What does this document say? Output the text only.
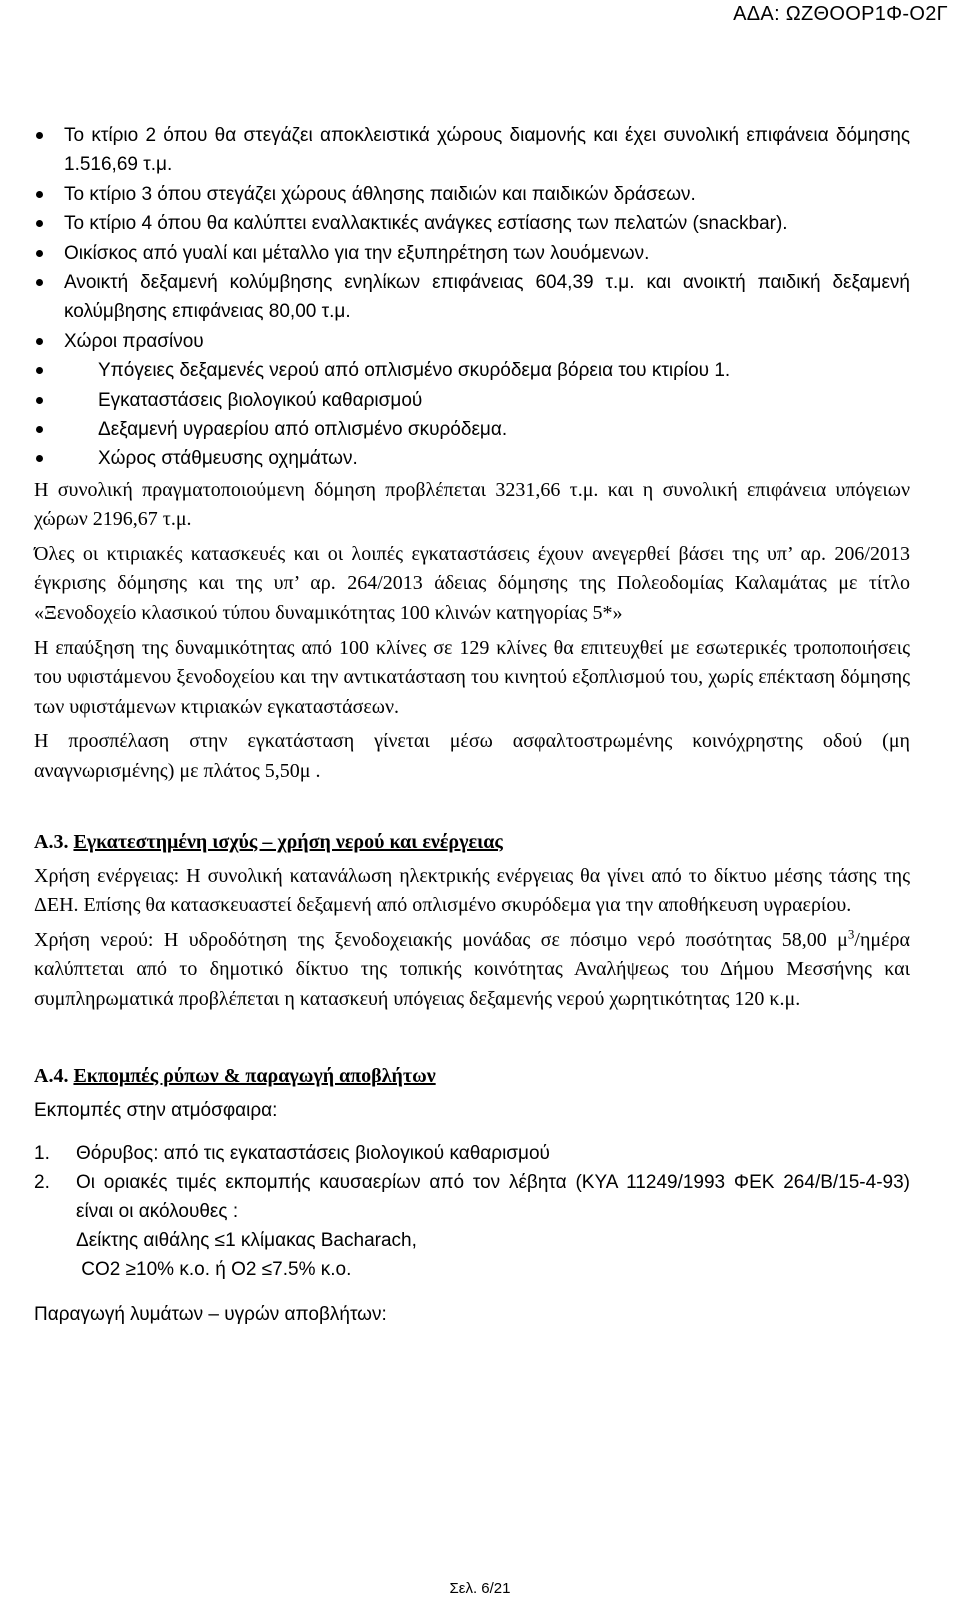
ΑΔΑ: ΩΖΘΟΟΡ1Φ-Ο2Γ
Το κτίριο 2 όπου θα στεγάζει αποκλειστικά χώρους διαμονής και έχει συνολική επιφάνεια δόμησης 1.516,69 τ.μ.
Το κτίριο 3 όπου στεγάζει χώρους άθλησης παιδιών και παιδικών δράσεων.
Το κτίριο 4 όπου θα καλύπτει εναλλακτικές ανάγκες εστίασης των πελατών (snackbar).
Οικίσκος από γυαλί και μέταλλο για την εξυπηρέτηση των λουόμενων.
Ανοικτή δεξαμενή κολύμβησης ενηλίκων επιφάνειας 604,39 τ.μ. και ανοικτή παιδική δεξαμενή κολύμβησης επιφάνειας 80,00 τ.μ.
Χώροι πρασίνου
Υπόγειες δεξαμενές νερού από οπλισμένο σκυρόδεμα βόρεια του κτιρίου 1.
Εγκαταστάσεις βιολογικού καθαρισμού
Δεξαμενή υγραερίου από οπλισμένο σκυρόδεμα.
Χώρος στάθμευσης οχημάτων.

Η συνολική πραγματοποιούμενη δόμηση προβλέπεται 3231,66 τ.μ. και η συνολική επιφάνεια υπόγειων χώρων 2196,67 τ.μ.

Όλες οι κτιριακές κατασκευές και οι λοιπές εγκαταστάσεις έχουν ανεγερθεί βάσει της υπ’ αρ. 206/2013 έγκρισης δόμησης και της υπ’ αρ. 264/2013 άδειας δόμησης της Πολεοδομίας Καλαμάτας με τίτλο «Ξενοδοχείο κλασικού τύπου δυναμικότητας 100 κλινών κατηγορίας 5*»

Η επαύξηση της δυναμικότητας από 100 κλίνες σε 129 κλίνες θα επιτευχθεί με εσωτερικές τροποποιήσεις του υφιστάμενου ξενοδοχείου και την αντικατάσταση του κινητού εξοπλισμού του, χωρίς επέκταση δόμησης των υφιστάμενων κτιριακών εγκαταστάσεων.

Η προσπέλαση στην εγκατάσταση γίνεται μέσω ασφαλτοστρωμένης κοινόχρηστης οδού (μη αναγνωρισμένης) με πλάτος 5,50μ .

Α.3. Εγκατεστημένη ισχύς – χρήση νερού και ενέργειας

Χρήση ενέργειας: Η συνολική κατανάλωση ηλεκτρικής ενέργειας θα γίνει από το δίκτυο μέσης τάσης της ΔΕΗ. Επίσης θα κατασκευαστεί δεξαμενή από οπλισμένο σκυρόδεμα για την αποθήκευση υγραερίου.

Χρήση νερού: Η υδροδότηση της ξενοδοχειακής μονάδας σε πόσιμο νερό ποσότητας 58,00 $\mu^3$/ημέρα καλύπτεται από το δημοτικό δίκτυο της τοπικής κοινότητας Αναλήψεως του Δήμου Μεσσήνης και συμπληρωματικά προβλέπεται η κατασκευή υπόγειας δεξαμενής νερού χωρητικότητας 120 κ.μ.

Α.4. Εκπομπές ρύπων & παραγωγή αποβλήτων
Εκπομπές στην ατμόσφαιρα:
1. Θόρυβος: από τις εγκαταστάσεις βιολογικού καθαρισμού
2. Οι οριακές τιμές εκπομπής καυσαερίων από τον λέβητα (ΚΥΑ 11249/1993 ΦΕΚ 264/Β/15-4-93) είναι οι ακόλουθες :
Δείκτης αιθάλης ≤1 κλίμακας Bacharach,
CO2 ≥10% κ.ο. ή O2 ≤7.5% κ.ο.
Παραγωγή λυμάτων – υγρών αποβλήτων:
Σελ. 6/21
